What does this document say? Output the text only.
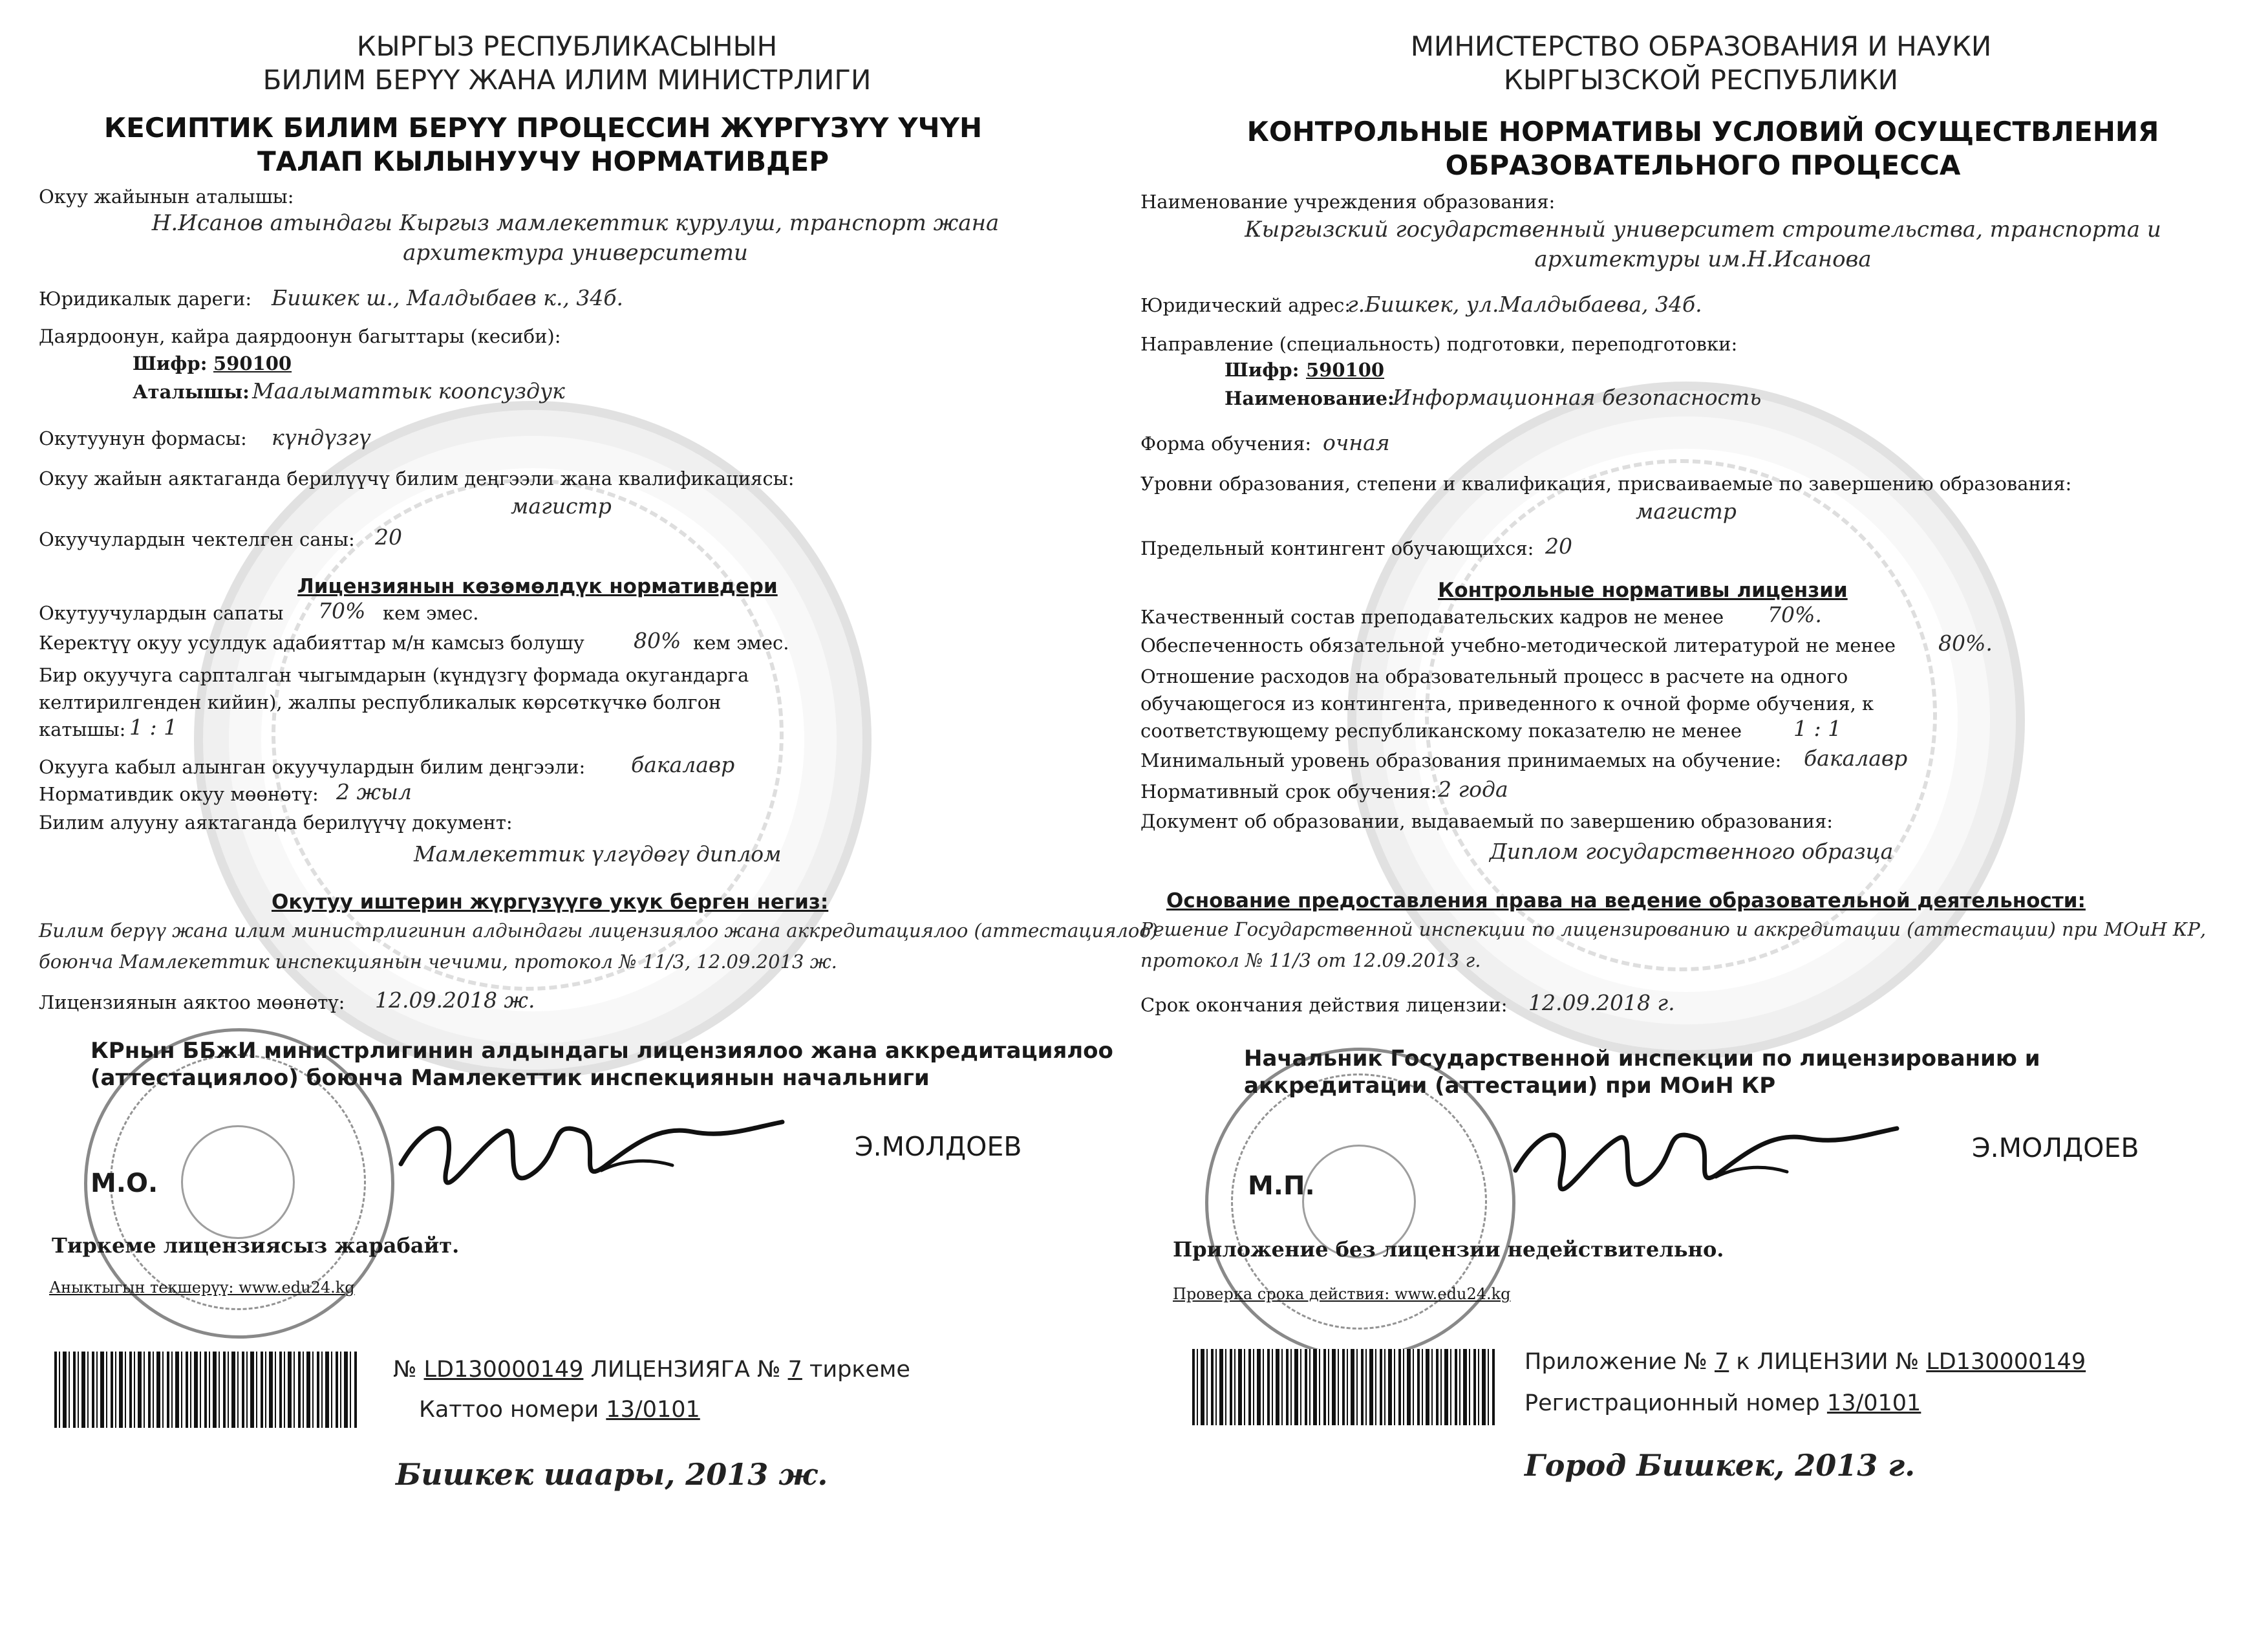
КЫРГЫЗ РЕСПУБЛИКАСЫНЫН
БИЛИМ БЕРҮҮ ЖАНА ИЛИМ МИНИСТРЛИГИ
КЕСИПТИК БИЛИМ БЕРҮҮ ПРОЦЕССИН ЖҮРГҮЗҮҮ ҮЧҮН
ТАЛАП КЫЛЫНУУЧУ НОРМАТИВДЕР
Окуу жайынын аталышы:
Н.Исанов атындагы Кыргыз мамлекеттик курулуш, транспорт жана архитектура университети
Юридикалык дареги: Бишкек ш., Малдыбаев к., 34б.
Даярдоонун, кайра даярдоонун багыттары (кесиби):
Шифр: 590100
Аталышы: Маалыматтык коопсуздук
Окутуунун формасы: күндүзгү
Окуу жайын аяктаганда берилүүчү билим деңгээли жана квалификациясы:
магистр
Окуучулардын чектелген саны: 20
Лицензиянын көзөмөлдүк нормативдери
Окутуучулардын сапаты 70% кем эмес.
Керектүү окуу усулдук адабияттар м/н камсыз болушу 80% кем эмес.
Бир окуучуга сарпталган чыгымдарын (күндүзгү формада окугандарга
келтирилгенден кийин), жалпы республикалык көрсөткүчкө болгон
катышы: 1 : 1
Окууга кабыл алынган окуучулардын билим деңгээли: бакалавр
Нормативдик окуу мөөнөтү: 2 жыл
Билим алууну аяктаганда берилүүчү документ:
Мамлекеттик үлгүдөгү диплом
Окутуу иштерин жүргүзүүгө укук берген негиз:
Билим берүү жана илим министрлигинин алдындагы лицензиялоо жана аккредитациялоо (аттестациялоо)
боюнча Мамлекеттик инспекциянын чечими, протокол № 11/3, 12.09.2013 ж.
Лицензиянын аяктоо мөөнөтү: 12.09.2018 ж.
КРнын ББжИ министрлигинин алдындагы лицензиялоо жана аккредитациялоо
(аттестациялоо) боюнча Мамлекеттик инспекциянын начальниги
Э.МОЛДОЕВ
М.О.
Тиркеме лицензиясыз жарабайт.
Аныктыгын текшерүү: www.edu24.kg
№ LD130000149 ЛИЦЕНЗИЯГА № 7 тиркеме
Каттоо номери 13/0101
Бишкек шаары, 2013 ж.
МИНИСТЕРСТВО ОБРАЗОВАНИЯ И НАУКИ
КЫРГЫЗСКОЙ РЕСПУБЛИКИ
КОНТРОЛЬНЫЕ НОРМАТИВЫ УСЛОВИЙ ОСУЩЕСТВЛЕНИЯ
ОБРАЗОВАТЕЛЬНОГО ПРОЦЕССА
Наименование учреждения образования:
Кыргызский государственный университет строительства, транспорта и архитектуры им.Н.Исанова
Юридический адрес:
г.Бишкек, ул.Малдыбаева, 34б.
Направление (специальность) подготовки, переподготовки:
Шифр: 590100
Наименование:
Информационная безопасность
Форма обучения: очная
Уровни образования, степени и квалификация, присваиваемые по завершению образования:
магистр
Предельный контингент обучающихся: 20
Контрольные нормативы лицензии
Качественный состав преподавательских кадров не менее 70%.
Обеспеченность обязательной учебно-методической литературой не менее 80%.
Отношение расходов на образовательный процесс в расчете на одного
обучающегося из контингента, приведенного к очной форме обучения, к
соответствующему республиканскому показателю не менее 1 : 1
Минимальный уровень образования принимаемых на обучение: бакалавр
Нормативный срок обучения: 2 года
Документ об образовании, выдаваемый по завершению образования:
Диплом государственного образца
Основание предоставления права на ведение образовательной деятельности:
Решение Государственной инспекции по лицензированию и аккредитации (аттестации) при МОиН КР,
протокол № 11/3 от 12.09.2013 г.
Срок окончания действия лицензии: 12.09.2018 г.
Начальник Государственной инспекции по лицензированию и
аккредитации (аттестации) при МОиН КР
Э.МОЛДОЕВ
М.П.
Приложение без лицензии недействительно.
Проверка срока действия: www.edu24.kg
Приложение № 7 к ЛИЦЕНЗИИ № LD130000149
Регистрационный номер 13/0101
Город Бишкек, 2013 г.
